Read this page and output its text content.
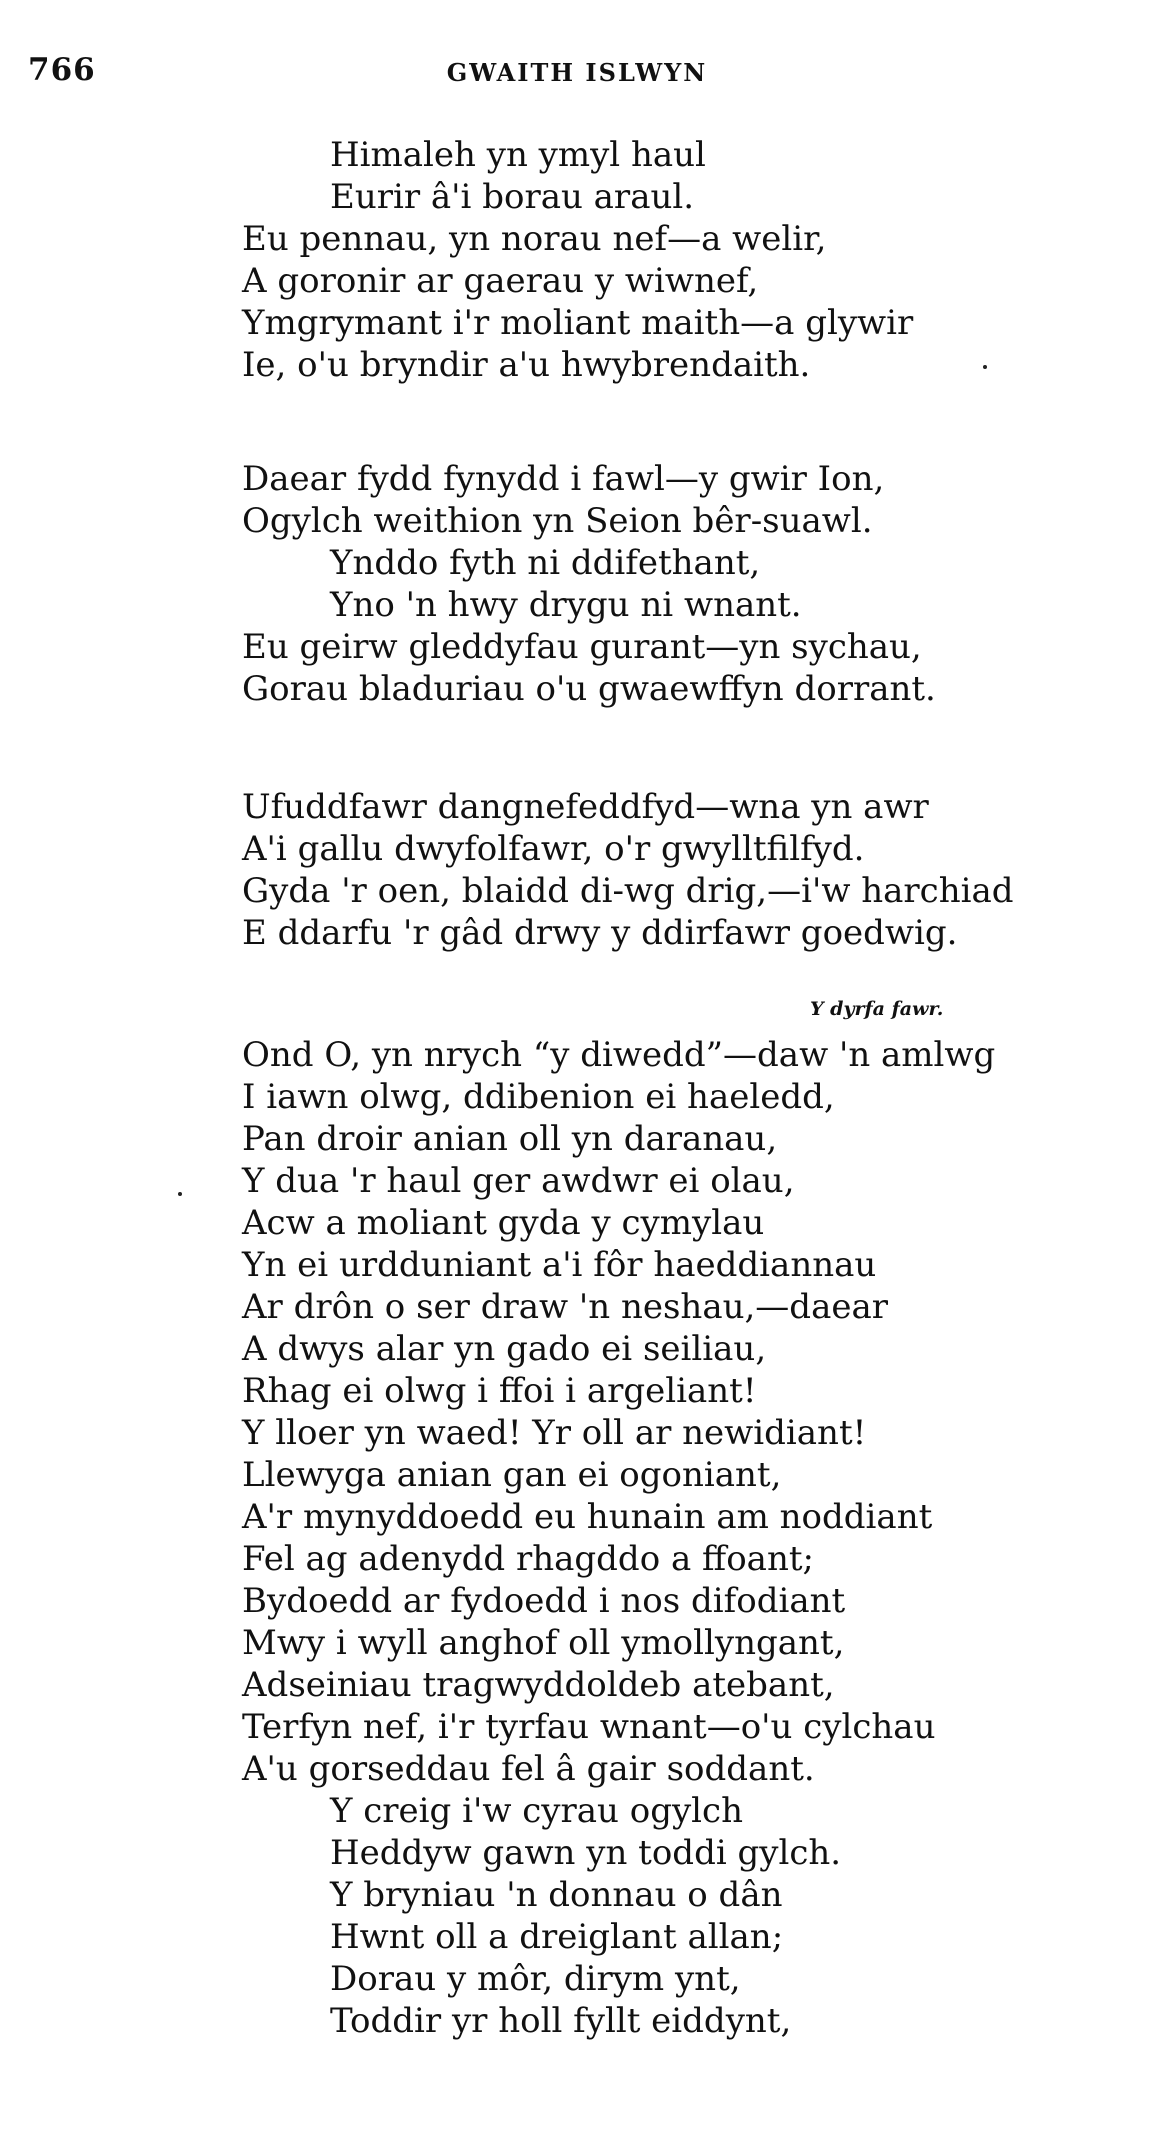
766	GWAITH ISLWYN
Himaleh yn ymyl haul
Eurir â'i borau araul.
Eu pennau, yn norau nef—a welir,
A goronir ar gaerau y wiwnef,
Ymgrymant i'r moliant maith—a glywir
Ie, o'u bryndir a'u hwybrendaith.
Daear fydd fynydd i fawl—y gwir Ion,
Ogylch weithion yn Seion bêr-suawl.
Ynddo fyth ni ddifethant,
Yno 'n hwy drygu ni wnant.
Eu geirw gleddyfau gurant—yn sychau,
Gorau bladuriau o'u gwaewffyn dorrant.
Ufuddfawr dangnefeddfyd—wna yn awr
A'i gallu dwyfolfawr, o'r gwylltfilfyd.
Gyda 'r oen, blaidd di-wg drig,—i'w harchiad
E ddarfu 'r gâd drwy y ddirfawr goedwig.
Y dyrfa fawr.
Ond O, yn nrych “y diwedd”—daw 'n amlwg
I iawn olwg, ddibenion ei haeledd,
Pan droir anian oll yn daranau,
Y dua 'r haul ger awdwr ei olau,
Acw a moliant gyda y cymylau
Yn ei urdduniant a'i fôr haeddiannau
Ar drôn o ser draw 'n neshau,—daear
A dwys alar yn gado ei seiliau,
Rhag ei olwg i ffoi i argeliant!
Y lloer yn waed! Yr oll ar newidiant!
Llewyga anian gan ei ogoniant,
A'r mynyddoedd eu hunain am noddiant
Fel ag adenydd rhagddo a ffoant;
Bydoedd ar fydoedd i nos difodiant
Mwy i wyll anghof oll ymollyngant,
Adseiniau tragwyddoldeb atebant,
Terfyn nef, i'r tyrfau wnant—o'u cylchau
A'u gorseddau fel â gair soddant.
Y creig i'w cyrau ogylch
Heddyw gawn yn toddi gylch.
Y bryniau 'n donnau o dân
Hwnt oll a dreiglant allan;
Dorau y môr, dirym ynt,
Toddir yr holl fyllt eiddynt,
